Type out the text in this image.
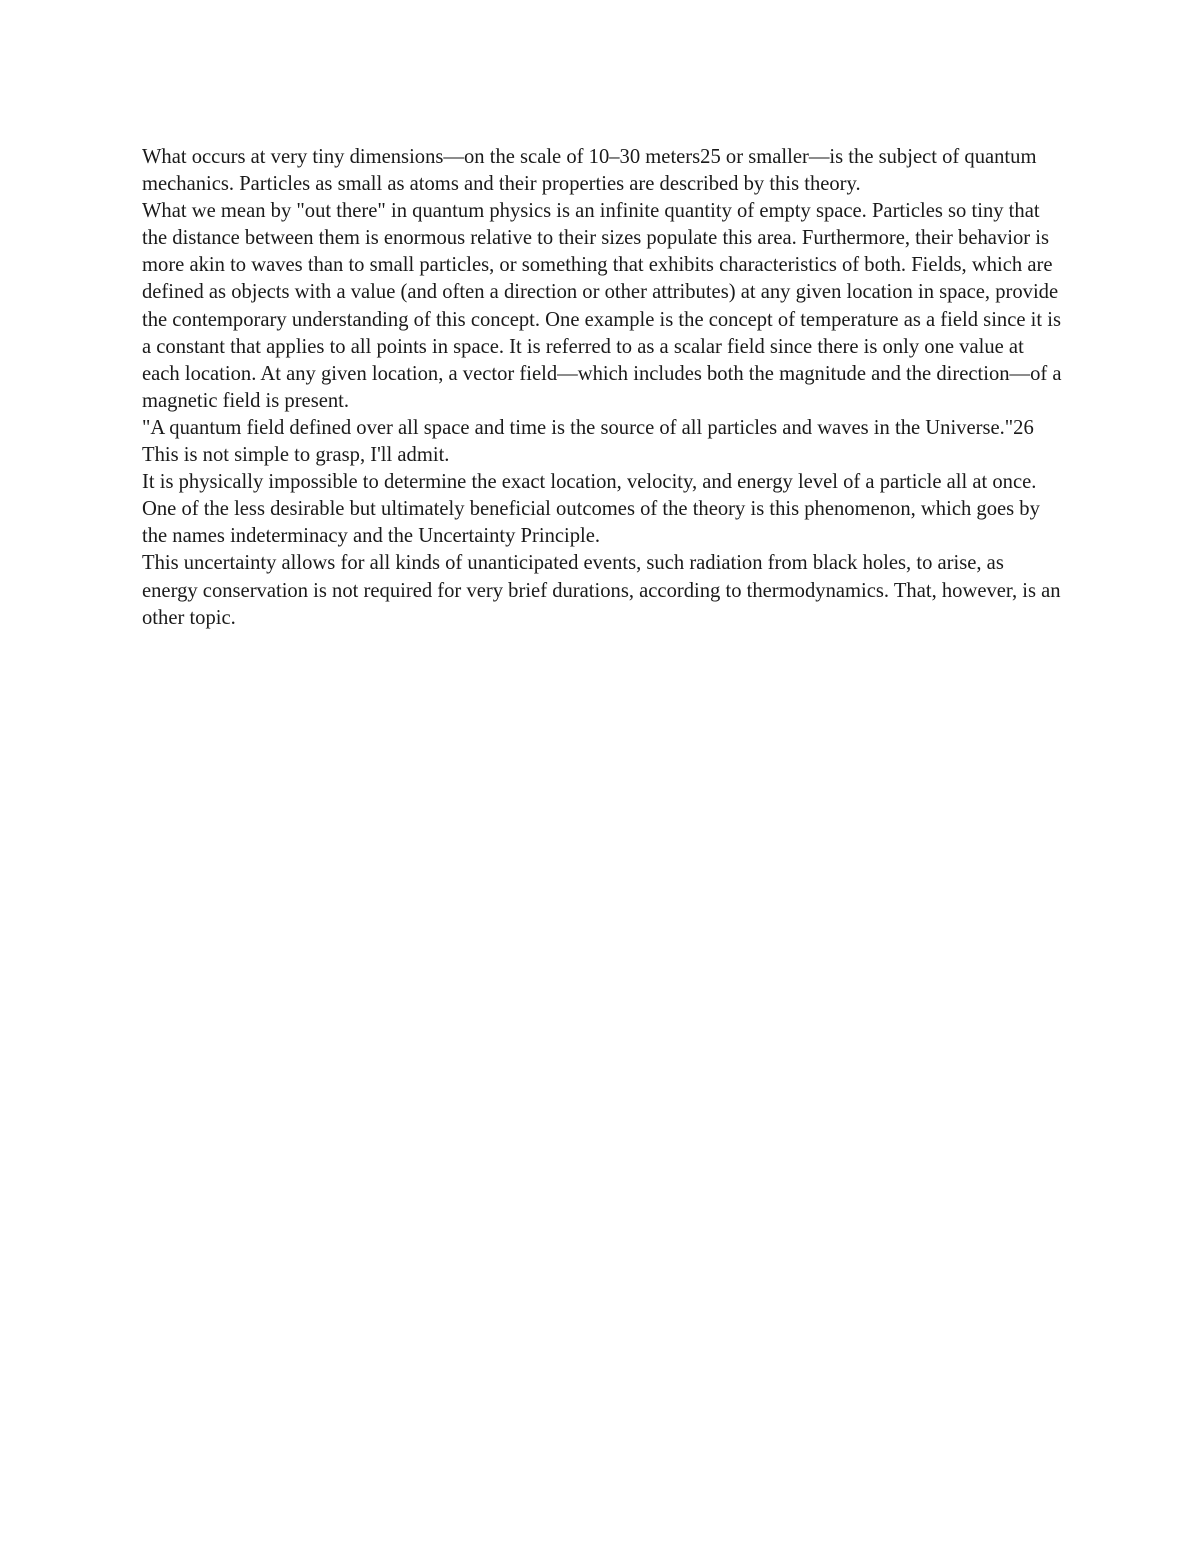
What occurs at very tiny dimensions—on the scale of 10–30 meters25 or smaller—is the subject of quantum mechanics. Particles as small as atoms and their properties are described by this theory.

What we mean by "out there" in quantum physics is an infinite quantity of empty space. Particles so tiny that the distance between them is enormous relative to their sizes populate this area. Furthermore, their behavior is more akin to waves than to small particles, or something that exhibits characteristics of both. Fields, which are defined as objects with a value (and often a direction or other attributes) at any given location in space, provide the contemporary understanding of this concept. One example is the concept of temperature as a field since it is a constant that applies to all points in space. It is referred to as a scalar field since there is only one value at each location. At any given location, a vector field—which includes both the magnitude and the direction—of a magnetic field is present.

"A quantum field defined over all space and time is the source of all particles and waves in the Universe."26 This is not simple to grasp, I'll admit.

It is physically impossible to determine the exact location, velocity, and energy level of a particle all at once. One of the less desirable but ultimately beneficial outcomes of the theory is this phenomenon, which goes by the names indeterminacy and the Uncertainty Principle.

This uncertainty allows for all kinds of unanticipated events, such radiation from black holes, to arise, as energy conservation is not required for very brief durations, according to thermodynamics. That, however, is an other topic.
